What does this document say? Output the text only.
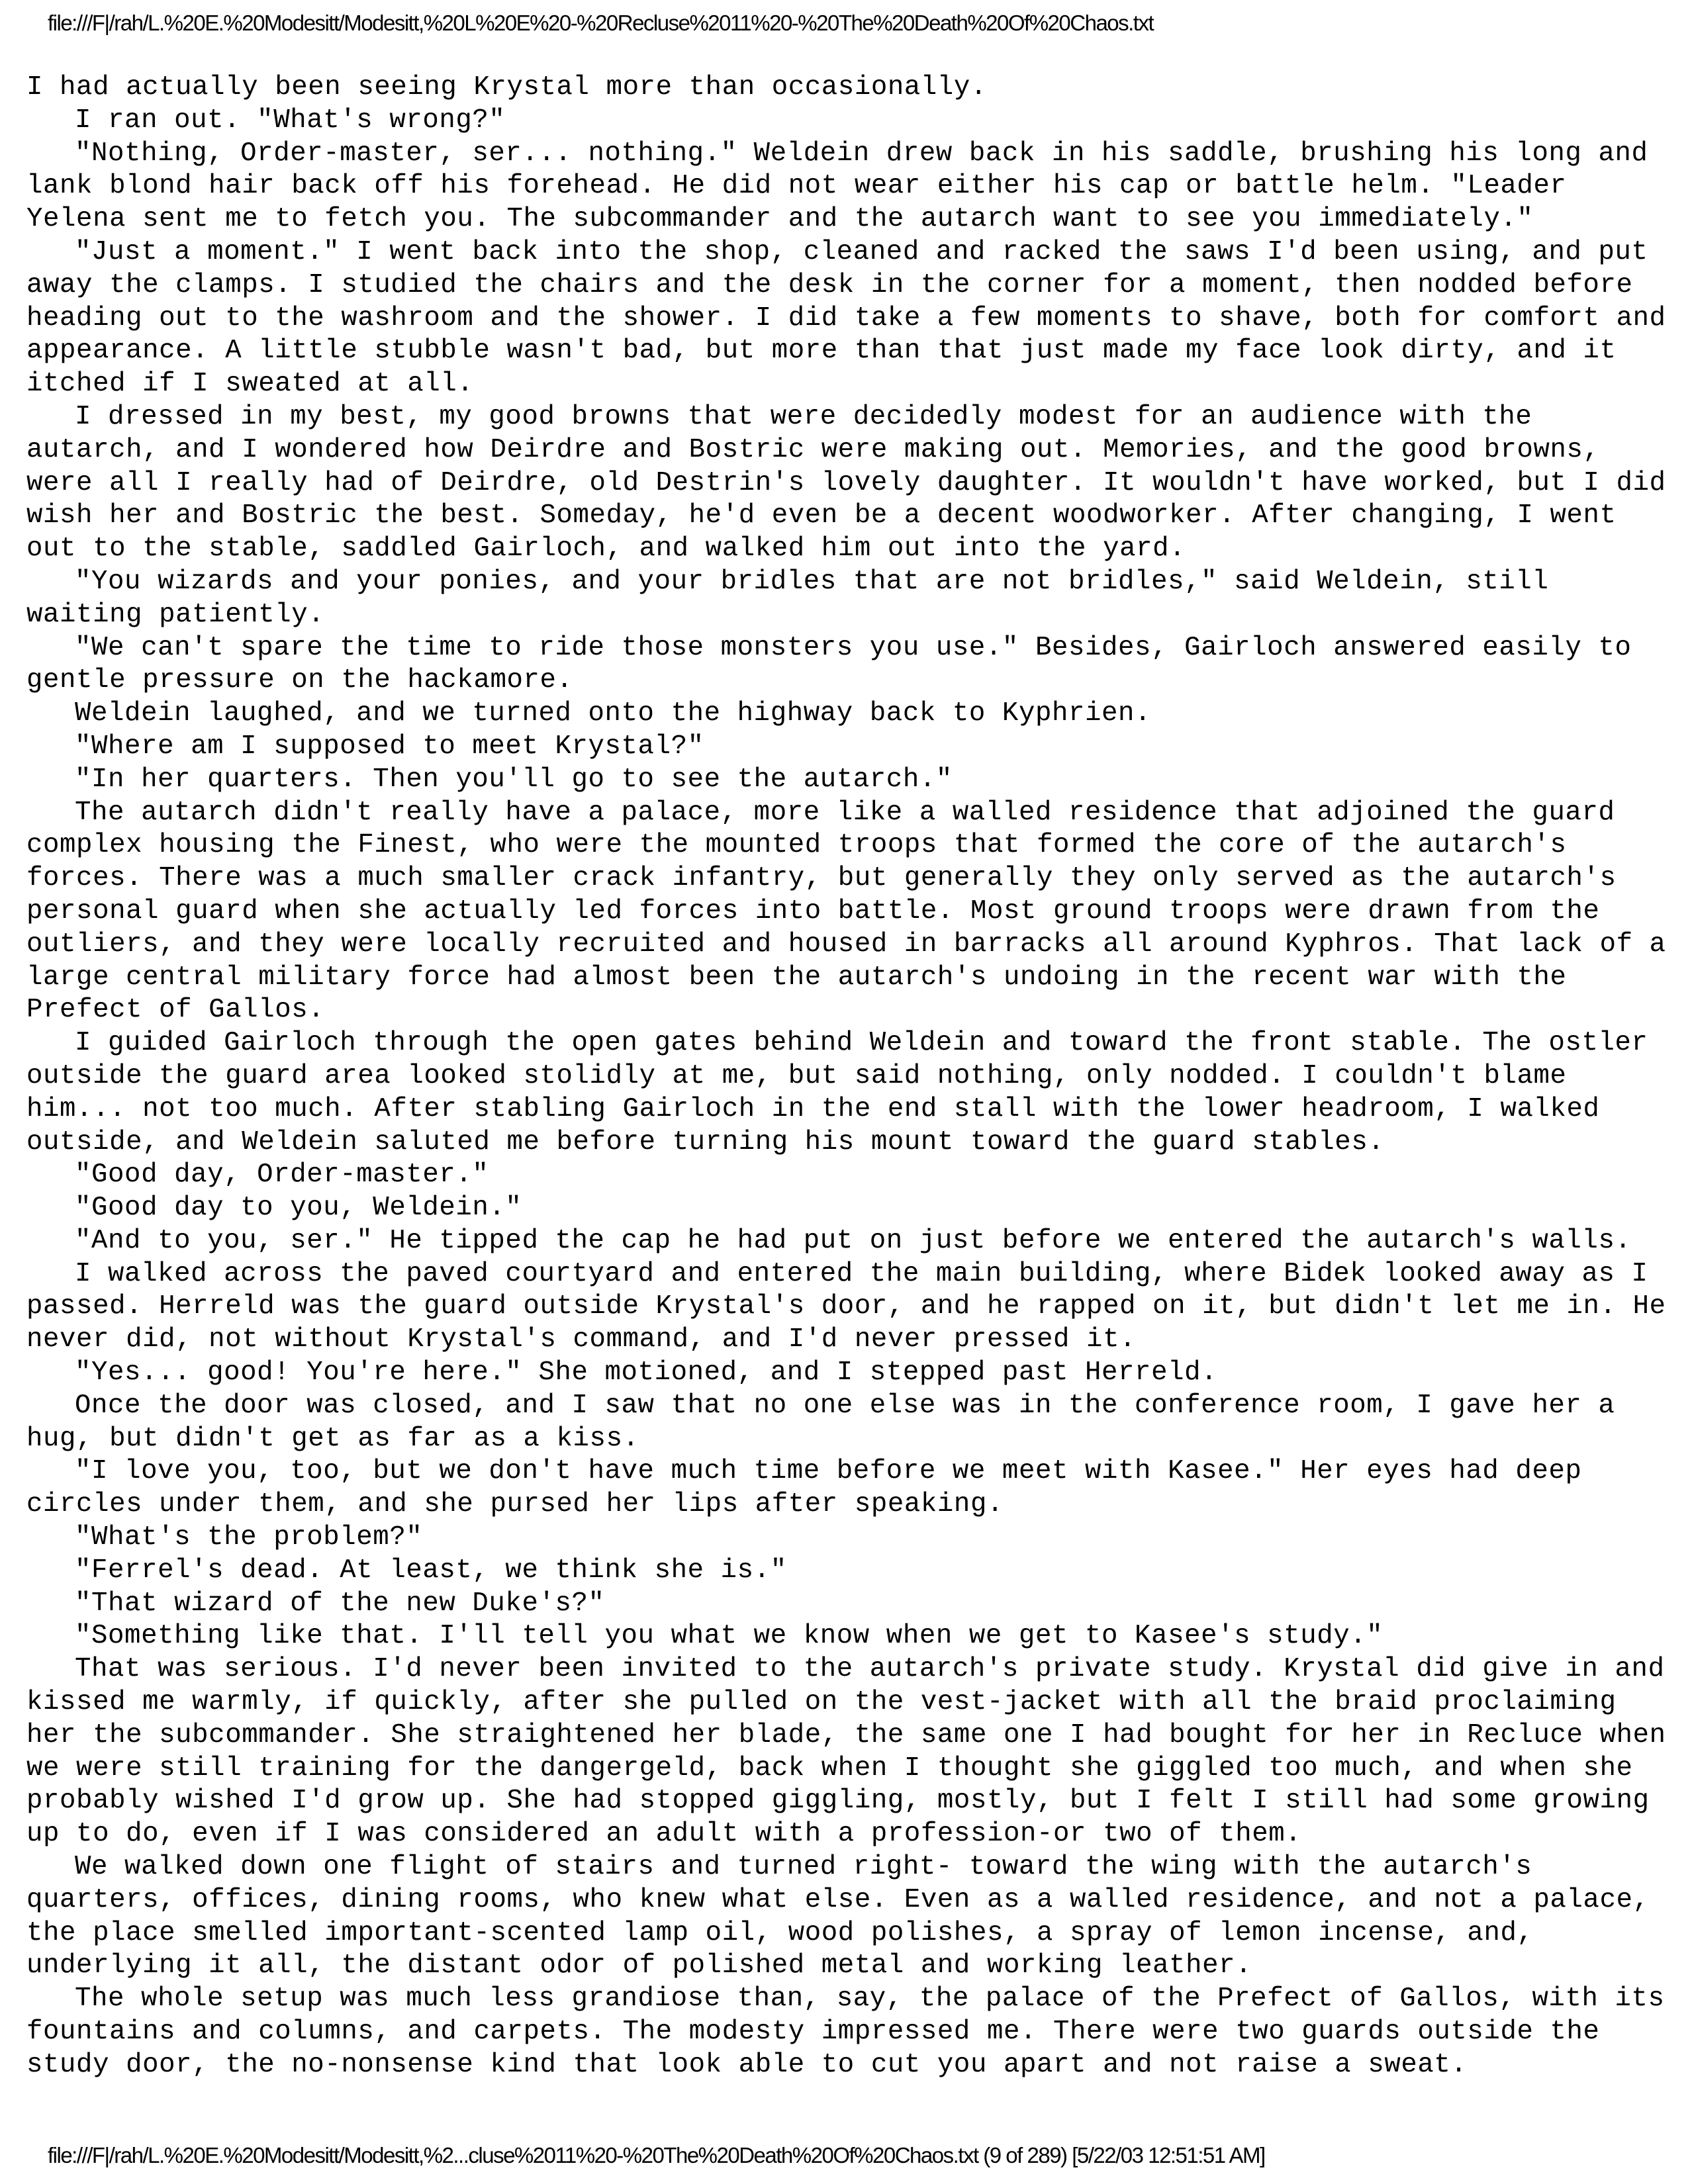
file:///F|/rah/L.%20E.%20Modesitt/Modesitt,%20L%20E%20-%20Recluse%2011%20-%20The%20Death%20Of%20Chaos.txt

I had actually been seeing Krystal more than occasionally.

I ran out. "What's wrong?"

"Nothing, Order-master, ser... nothing." Weldein drew back in his saddle, brushing his long and lank blond hair back off his forehead. He did not wear either his cap or battle helm. "Leader Yelena sent me to fetch you. The subcommander and the autarch want to see you immediately."

"Just a moment." I went back into the shop, cleaned and racked the saws I'd been using, and put away the clamps. I studied the chairs and the desk in the corner for a moment, then nodded before heading out to the washroom and the shower. I did take a few moments to shave, both for comfort and appearance. A little stubble wasn't bad, but more than that just made my face look dirty, and it itched if I sweated at all.

I dressed in my best, my good browns that were decidedly modest for an audience with the autarch, and I wondered how Deirdre and Bostric were making out. Memories, and the good browns, were all I really had of Deirdre, old Destrin's lovely daughter. It wouldn't have worked, but I did wish her and Bostric the best. Someday, he'd even be a decent woodworker. After changing, I went out to the stable, saddled Gairloch, and walked him out into the yard.

"You wizards and your ponies, and your bridles that are not bridles," said Weldein, still waiting patiently.

"We can't spare the time to ride those monsters you use." Besides, Gairloch answered easily to gentle pressure on the hackamore.

Weldein laughed, and we turned onto the highway back to Kyphrien.

"Where am I supposed to meet Krystal?"

"In her quarters. Then you'll go to see the autarch."

The autarch didn't really have a palace, more like a walled residence that adjoined the guard complex housing the Finest, who were the mounted troops that formed the core of the autarch's forces. There was a much smaller crack infantry, but generally they only served as the autarch's personal guard when she actually led forces into battle. Most ground troops were drawn from the outliers, and they were locally recruited and housed in barracks all around Kyphros. That lack of a large central military force had almost been the autarch's undoing in the recent war with the Prefect of Gallos.

I guided Gairloch through the open gates behind Weldein and toward the front stable. The ostler outside the guard area looked stolidly at me, but said nothing, only nodded. I couldn't blame him... not too much. After stabling Gairloch in the end stall with the lower headroom, I walked outside, and Weldein saluted me before turning his mount toward the guard stables.

"Good day, Order-master."

"Good day to you, Weldein."

"And to you, ser." He tipped the cap he had put on just before we entered the autarch's walls.

I walked across the paved courtyard and entered the main building, where Bidek looked away as I passed. Herreld was the guard outside Krystal's door, and he rapped on it, but didn't let me in. He never did, not without Krystal's command, and I'd never pressed it.

"Yes... good! You're here." She motioned, and I stepped past Herreld.

Once the door was closed, and I saw that no one else was in the conference room, I gave her a hug, but didn't get as far as a kiss.

"I love you, too, but we don't have much time before we meet with Kasee." Her eyes had deep circles under them, and she pursed her lips after speaking.

"What's the problem?"

"Ferrel's dead. At least, we think she is."

"That wizard of the new Duke's?"

"Something like that. I'll tell you what we know when we get to Kasee's study."

That was serious. I'd never been invited to the autarch's private study. Krystal did give in and kissed me warmly, if quickly, after she pulled on the vest-jacket with all the braid proclaiming her the subcommander. She straightened her blade, the same one I had bought for her in Recluce when we were still training for the dangergeld, back when I thought she giggled too much, and when she probably wished I'd grow up. She had stopped giggling, mostly, but I felt I still had some growing up to do, even if I was considered an adult with a profession-or two of them.

We walked down one flight of stairs and turned right- toward the wing with the autarch's quarters, offices, dining rooms, who knew what else. Even as a walled residence, and not a palace, the place smelled important-scented lamp oil, wood polishes, a spray of lemon incense, and, underlying it all, the distant odor of polished metal and working leather.

The whole setup was much less grandiose than, say, the palace of the Prefect of Gallos, with its fountains and columns, and carpets. The modesty impressed me. There were two guards outside the study door, the no-nonsense kind that look able to cut you apart and not raise a sweat.

file:///F|/rah/L.%20E.%20Modesitt/Modesitt,%2...cluse%2011%20-%20The%20Death%20Of%20Chaos.txt (9 of 289) [5/22/03 12:51:51 AM]
